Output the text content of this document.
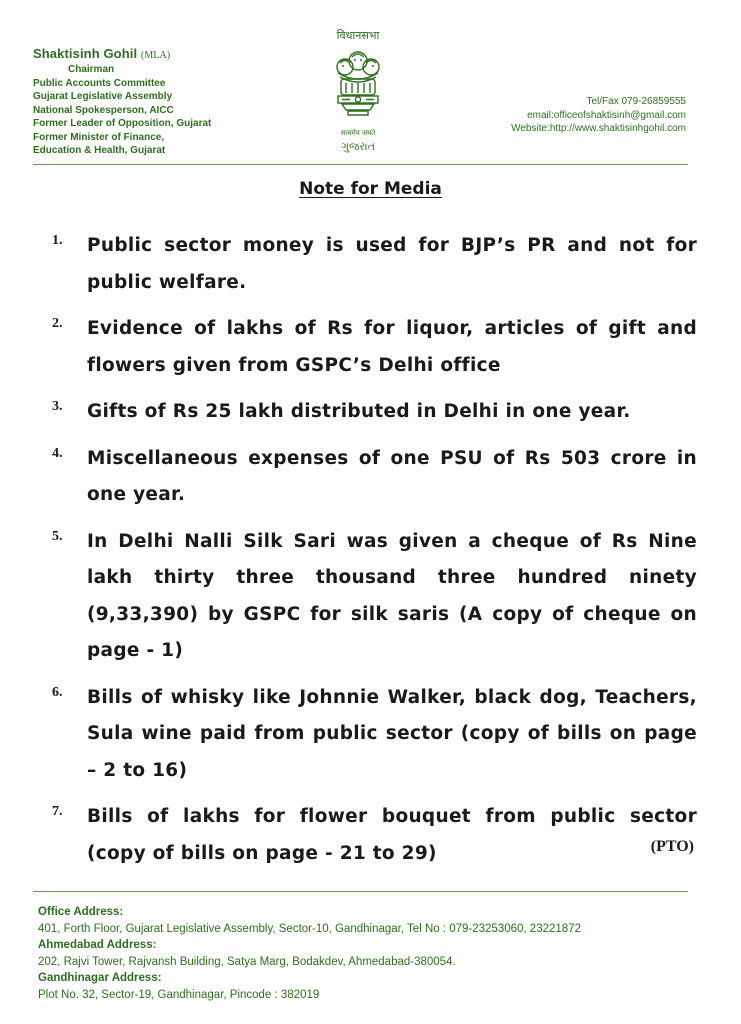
Shaktisinh Gohil (MLA)
Chairman
Public Accounts Committee
Gujarat Legislative Assembly
National Spokesperson, AICC
Former Leader of Opposition, Gujarat
Former Minister of Finance,
Education & Health, Gujarat
विधानसभा
सत्यमेव जयते
ગુજરાત
Tel/Fax 079-26859555
email:officeofshaktisinh@gmail.com
Website:http://www.shaktisinhgohil.com
Note for Media
1. Public sector money is used for BJP’s PR and not for public welfare.
2. Evidence of lakhs of Rs for liquor, articles of gift and flowers given from GSPC’s Delhi office
3. Gifts of Rs 25 lakh distributed in Delhi in one year.
4. Miscellaneous expenses of one PSU of Rs 503 crore in one year.
5. In Delhi Nalli Silk Sari was given a cheque of Rs Nine lakh thirty three thousand three hundred ninety (9,33,390) by GSPC for silk saris (A copy of cheque on page - 1)
6. Bills of whisky like Johnnie Walker, black dog, Teachers, Sula wine paid from public sector (copy of bills on page – 2 to 16)
7. Bills of lakhs for flower bouquet from public sector (copy of bills on page - 21 to 29)	(PTO)
Office Address:
401, Forth Floor, Gujarat Legislative Assembly, Sector-10, Gandhinagar, Tel No : 079-23253060, 23221872
Ahmedabad Address:
202, Rajvi Tower, Rajvansh Building, Satya Marg, Bodakdev, Ahmedabad-380054.
Gandhinagar Address:
Plot No. 32, Sector-19, Gandhinagar, Pincode : 382019
